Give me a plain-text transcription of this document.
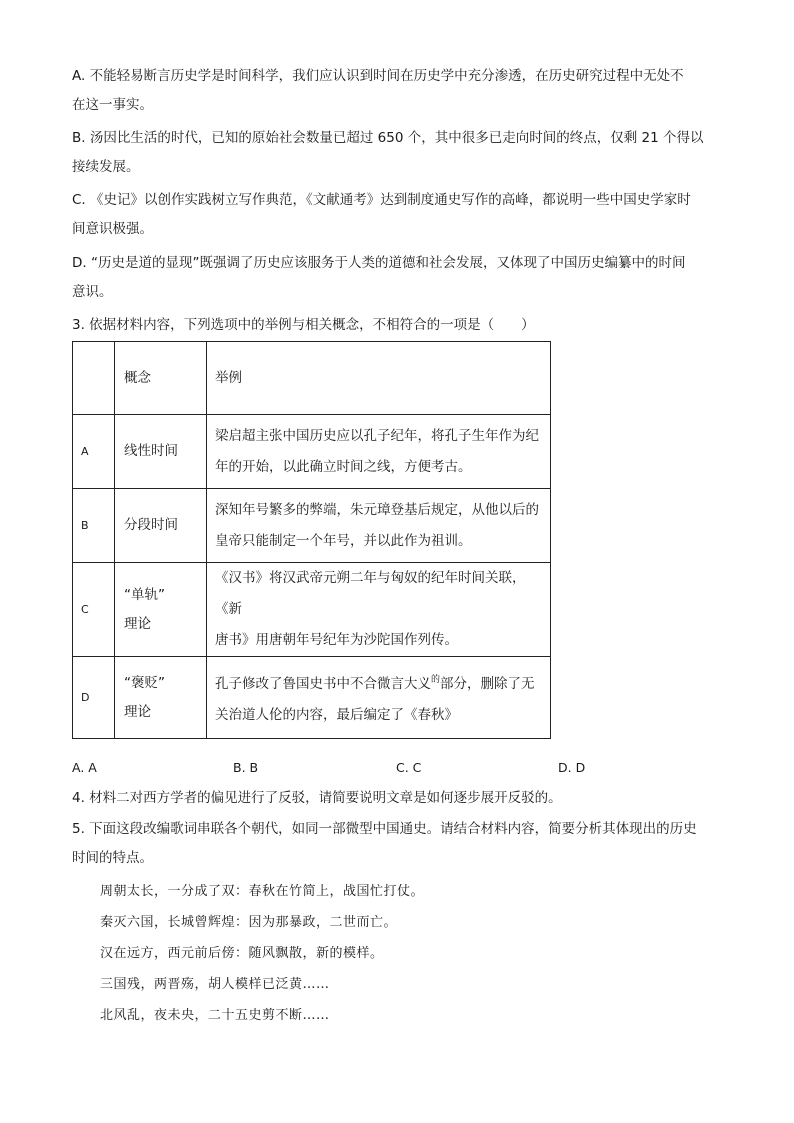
A. 不能轻易断言历史学是时间科学，我们应认识到时间在历史学中充分渗透，在历史研究过程中无处不
在这一事实。

B. 汤因比生活的时代，已知的原始社会数量已超过 650 个，其中很多已走向时间的终点，仅剩 21 个得以
接续发展。

C. 《史记》以创作实践树立写作典范，《文献通考》达到制度通史写作的高峰，都说明一些中国史学家时
间意识极强。

D. “历史是道的显现”既强调了历史应该服务于人类的道德和社会发展，又体现了中国历史编纂中的时间
意识。

3. 依据材料内容，下列选项中的举例与相关概念，不相符合的一项是（　　）

	概念	举例
A	线性时间	梁启超主张中国历史应以孔子纪年，将孔子生年作为纪
年的开始，以此确立时间之线，方便考古。
B	分段时间	深知年号繁多的弊端，朱元璋登基后规定，从他以后的
皇帝只能制定一个年号，并以此作为祖训。
C	“单轨”
理论	《汉书》将汉武帝元朔二年与匈奴的纪年时间关联，《新
唐书》用唐朝年号纪年为沙陀国作列传。
D	“褒贬”
理论	孔子修改了鲁国史书中不合微言大义$^的$部分，删除了无
关治道人伦的内容，最后编定了《春秋》
A. A	B. B	C. C	D. D

4. 材料二对西方学者的偏见进行了反驳，请简要说明文章是如何逐步展开反驳的。

5. 下面这段改编歌词串联各个朝代，如同一部微型中国通史。请结合材料内容，简要分析其体现出的历史
时间的特点。

周朝太长，一分成了双：春秋在竹简上，战国忙打仗。
秦灭六国，长城曾辉煌：因为那暴政，二世而亡。
汉在远方，西元前后傍：随风飘散，新的模样。
三国残，两晋殇，胡人模样已泛黄……
北风乱，夜未央，二十五史剪不断……
